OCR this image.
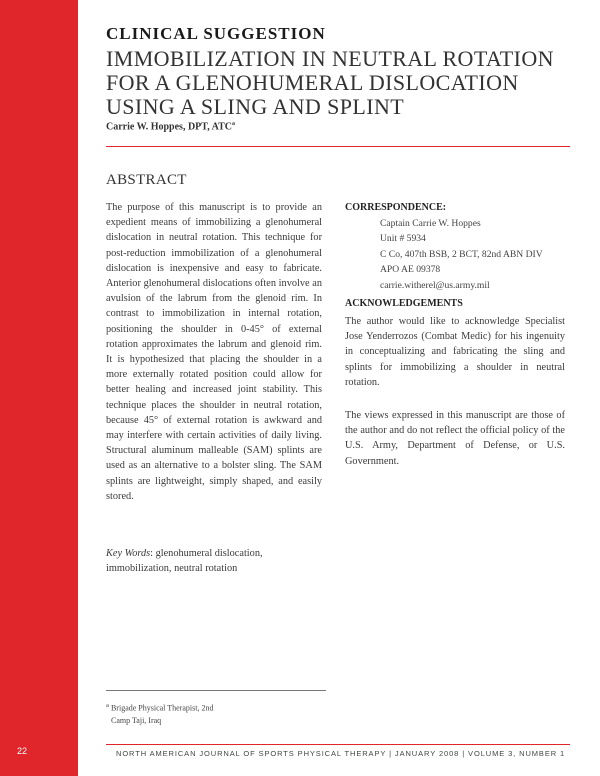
22
CLINICAL SUGGESTION
IMMOBILIZATION IN NEUTRAL ROTATION FOR A GLENOHUMERAL DISLOCATION USING A SLING AND SPLINT
Carrie W. Hoppes, DPT, ATC$^a$
ABSTRACT
The purpose of this manuscript is to provide an expedient means of immobilizing a glenohumeral dislocation in neutral rotation. This technique for post-reduction immobilization of a glenohumeral dislocation is inexpensive and easy to fabricate. Anterior glenohumeral dislocations often involve an avulsion of the labrum from the glenoid rim. In contrast to immobilization in internal rotation, positioning the shoulder in 0-45° of external rotation approximates the labrum and glenoid rim. It is hypothesized that placing the shoulder in a more externally rotated position could allow for better healing and increased joint stability. This technique places the shoulder in neutral rotation, because 45° of external rotation is awkward and may interfere with certain activities of daily living. Structural aluminum malleable (SAM) splints are used as an alternative to a bolster sling. The SAM splints are lightweight, simply shaped, and easily stored.
Key Words: glenohumeral dislocation, immobilization, neutral rotation
CORRESPONDENCE:
Captain Carrie W. Hoppes
Unit # 5934
C Co, 407th BSB, 2 BCT, 82nd ABN DIV
APO AE 09378
carrie.witherel@us.army.mil
ACKNOWLEDGEMENTS
The author would like to acknowledge Specialist Jose Yenderrozos (Combat Medic) for his ingenuity in conceptualizing and fabricating the sling and splints for immobilizing a shoulder in neutral rotation.
The views expressed in this manuscript are those of the author and do not reflect the official policy of the U.S. Army, Department of Defense, or U.S. Government.
$^a$ Brigade Physical Therapist, 2nd
Camp Taji, Iraq
NORTH AMERICAN JOURNAL OF SPORTS PHYSICAL THERAPY | JANUARY 2008 | VOLUME 3, NUMBER 1
